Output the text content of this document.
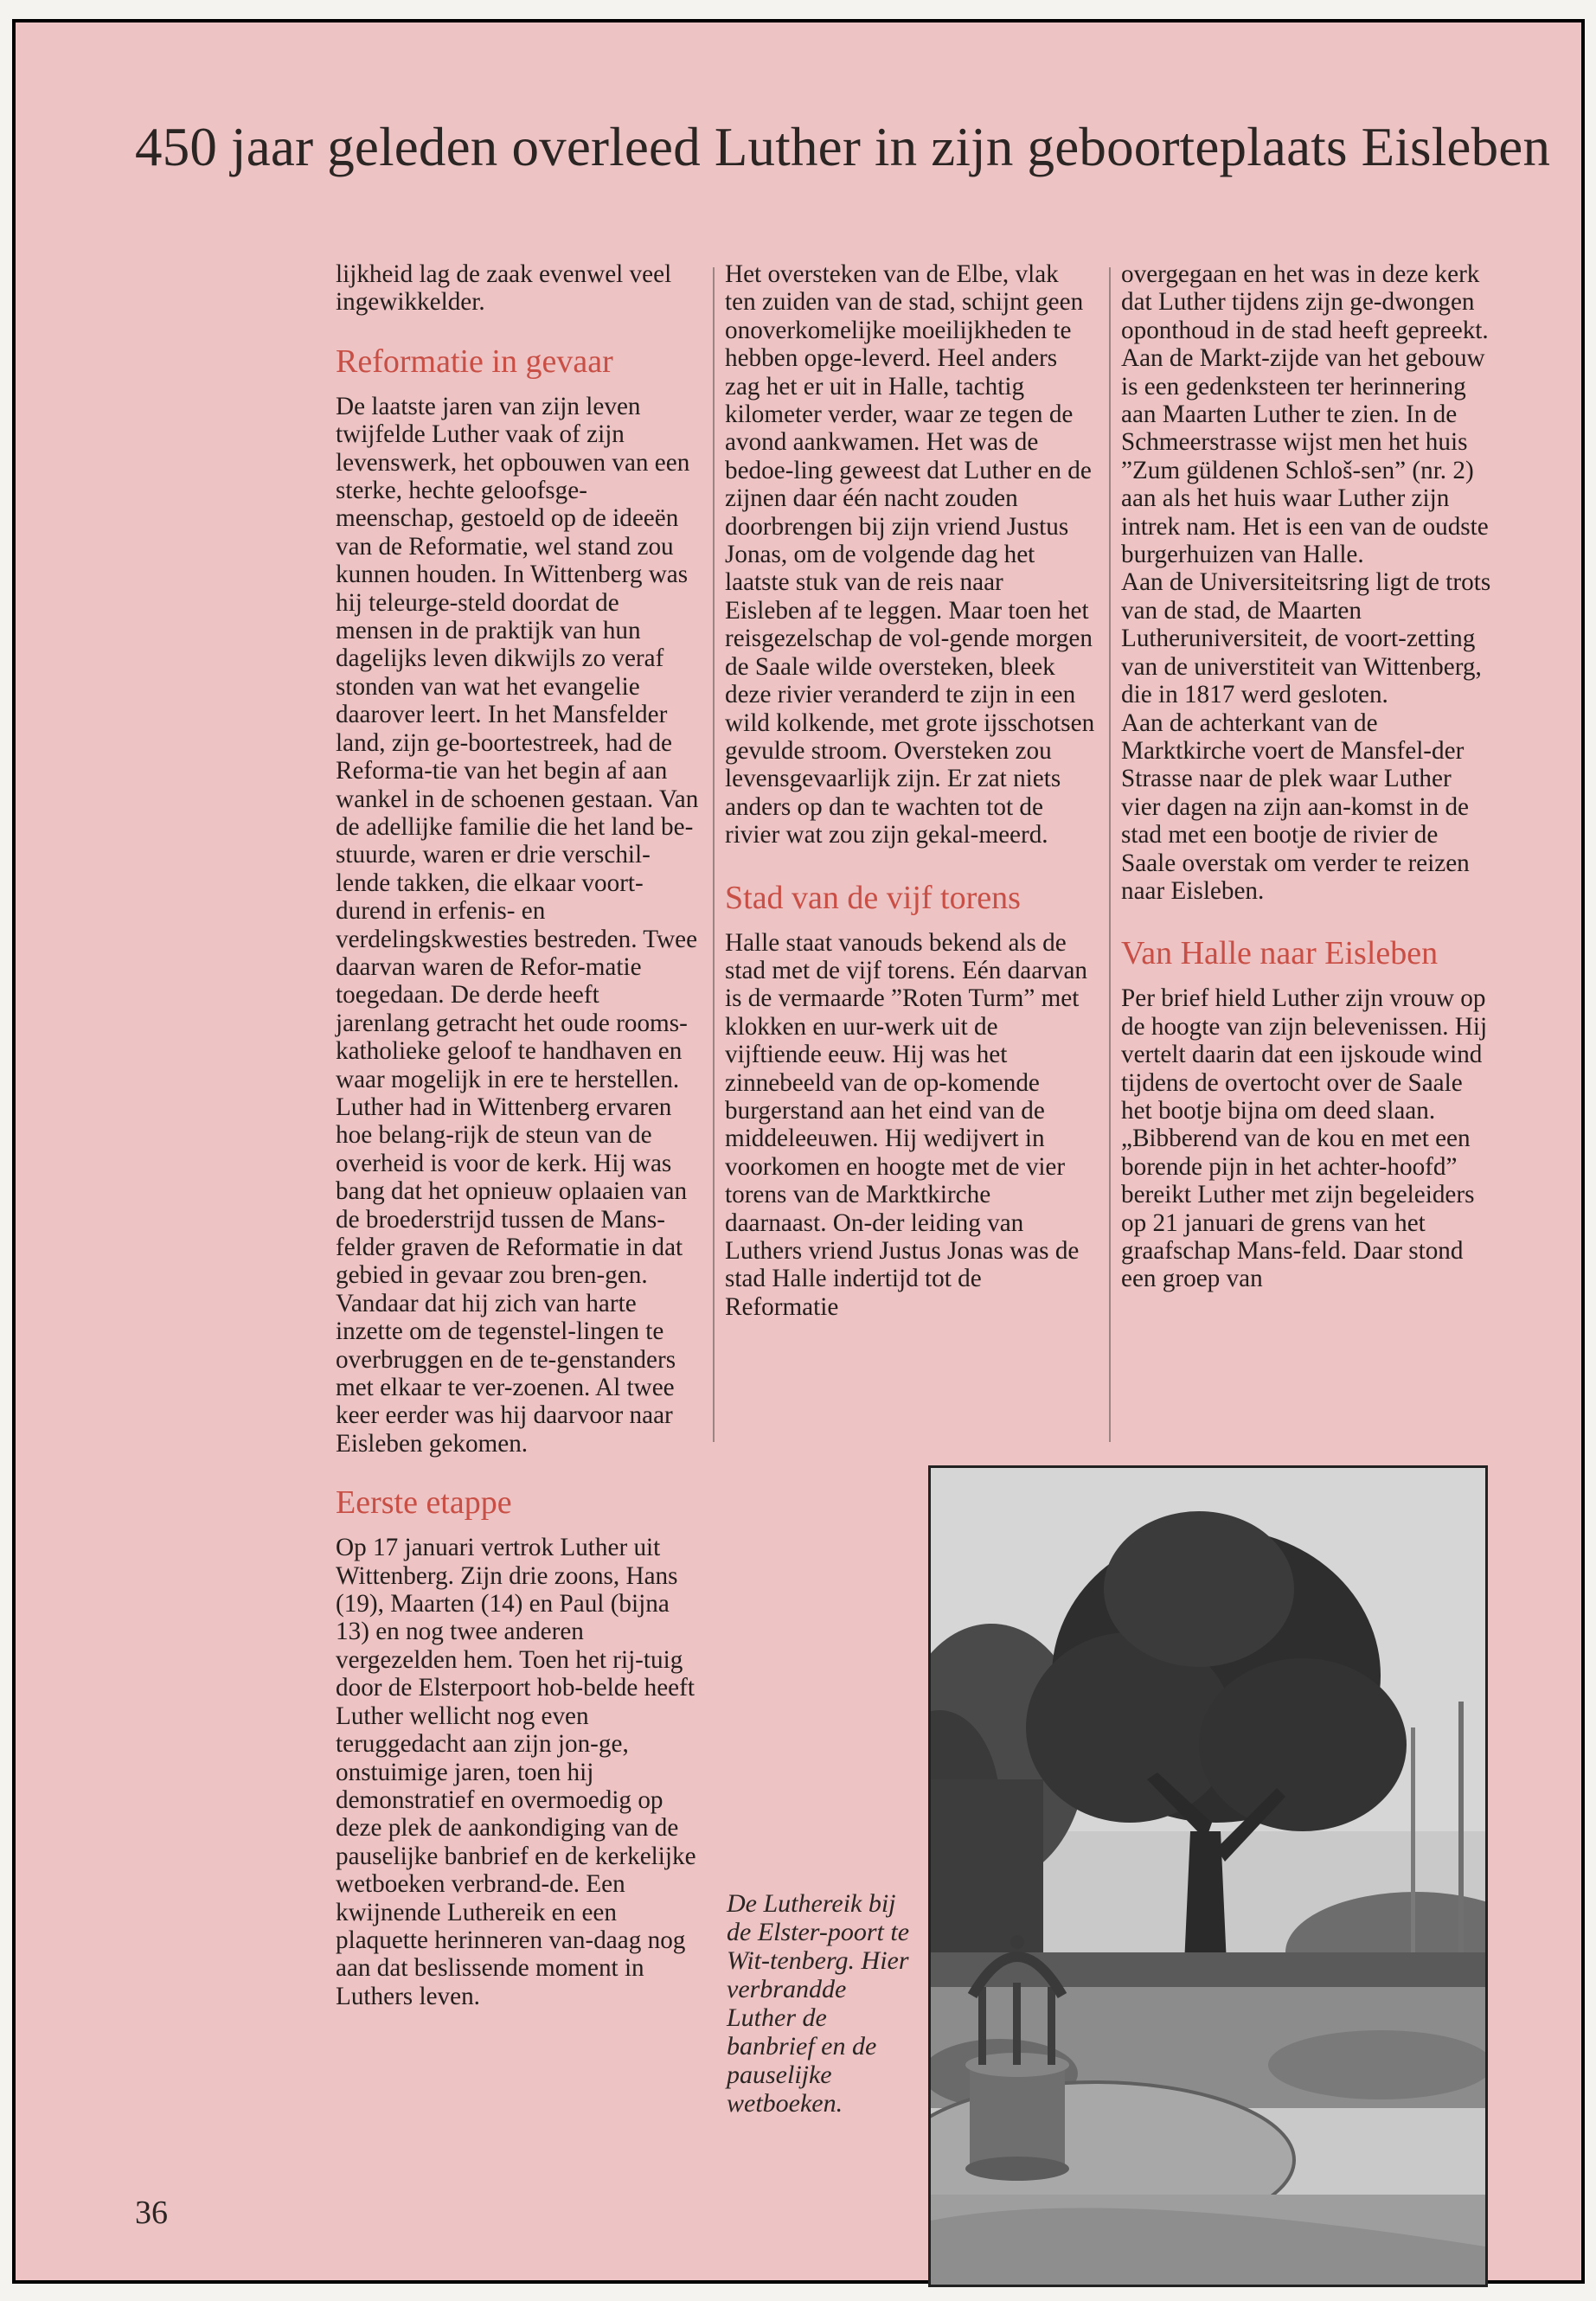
450 jaar geleden overleed Luther in zijn geboorteplaats Eisleben

lijkheid lag de zaak evenwel veel ingewikkelder.

Reformatie in gevaar

De laatste jaren van zijn leven twijfelde Luther vaak of zijn levenswerk, het opbouwen van een sterke, hechte geloofsge-meenschap, gestoeld op de ideeën van de Reformatie, wel stand zou kunnen houden. In Wittenberg was hij teleurge-steld doordat de mensen in de praktijk van hun dagelijks leven dikwijls zo veraf stonden van wat het evangelie daarover leert. In het Mansfelder land, zijn ge-boortestreek, had de Reforma-tie van het begin af aan wankel in de schoenen gestaan. Van de adellijke familie die het land be-stuurde, waren er drie verschil-lende takken, die elkaar voort-durend in erfenis- en verdelingskwesties bestreden. Twee daarvan waren de Refor-matie toegedaan. De derde heeft jarenlang getracht het oude rooms-katholieke geloof te handhaven en waar mogelijk in ere te herstellen. Luther had in Wittenberg ervaren hoe belang-rijk de steun van de overheid is voor de kerk. Hij was bang dat het opnieuw oplaaien van de broederstrijd tussen de Mans-felder graven de Reformatie in dat gebied in gevaar zou bren-gen. Vandaar dat hij zich van harte inzette om de tegenstel-lingen te overbruggen en de te-genstanders met elkaar te ver-zoenen. Al twee keer eerder was hij daarvoor naar Eisleben gekomen.

Eerste etappe

Op 17 januari vertrok Luther uit Wittenberg. Zijn drie zoons, Hans (19), Maarten (14) en Paul (bijna 13) en nog twee anderen vergezelden hem. Toen het rij-tuig door de Elsterpoort hob-belde heeft Luther wellicht nog even teruggedacht aan zijn jon-ge, onstuimige jaren, toen hij demonstratief en overmoedig op deze plek de aankondiging van de pauselijke banbrief en de kerkelijke wetboeken verbrand-de. Een kwijnende Luthereik en een plaquette herinneren van-daag nog aan dat beslissende moment in Luthers leven.

Het oversteken van de Elbe, vlak ten zuiden van de stad, schijnt geen onoverkomelijke moeilijkheden te hebben opge-leverd. Heel anders zag het er uit in Halle, tachtig kilometer verder, waar ze tegen de avond aankwamen. Het was de bedoe-ling geweest dat Luther en de zijnen daar één nacht zouden doorbrengen bij zijn vriend Justus Jonas, om de volgende dag het laatste stuk van de reis naar Eisleben af te leggen. Maar toen het reisgezelschap de vol-gende morgen de Saale wilde oversteken, bleek deze rivier veranderd te zijn in een wild kolkende, met grote ijsschotsen gevulde stroom. Oversteken zou levensgevaarlijk zijn. Er zat niets anders op dan te wachten tot de rivier wat zou zijn gekal-meerd.

Stad van de vijf torens

Halle staat vanouds bekend als de stad met de vijf torens. Eén daarvan is de vermaarde ”Roten Turm” met klokken en uur-werk uit de vijftiende eeuw. Hij was het zinnebeeld van de op-komende burgerstand aan het eind van de middeleeuwen. Hij wedijvert in voorkomen en hoogte met de vier torens van de Marktkirche daarnaast. On-der leiding van Luthers vriend Justus Jonas was de stad Halle indertijd tot de Reformatie

overgegaan en het was in deze kerk dat Luther tijdens zijn ge-dwongen oponthoud in de stad heeft gepreekt. Aan de Markt-zijde van het gebouw is een gedenksteen ter herinnering aan Maarten Luther te zien. In de Schmeerstrasse wijst men het huis ”Zum güldenen Schloš-sen” (nr. 2) aan als het huis waar Luther zijn intrek nam. Het is een van de oudste burgerhuizen van Halle.

Aan de Universiteitsring ligt de trots van de stad, de Maarten Lutheruniversiteit, de voort-zetting van de universtiteit van Wittenberg, die in 1817 werd gesloten.

Aan de achterkant van de Marktkirche voert de Mansfel-der Strasse naar de plek waar Luther vier dagen na zijn aan-komst in de stad met een bootje de rivier de Saale overstak om verder te reizen naar Eisleben.

Van Halle naar Eisleben

Per brief hield Luther zijn vrouw op de hoogte van zijn belevenissen. Hij vertelt daarin dat een ijskoude wind tijdens de overtocht over de Saale het bootje bijna om deed slaan. „Bibberend van de kou en met een borende pijn in het achter-hoofd” bereikt Luther met zijn begeleiders op 21 januari de grens van het graafschap Mans-feld. Daar stond een groep van

De Luthereik bij de Elster-poort te Wit-tenberg. Hier verbrandde Luther de banbrief en de pauselijke wetboeken.

36
